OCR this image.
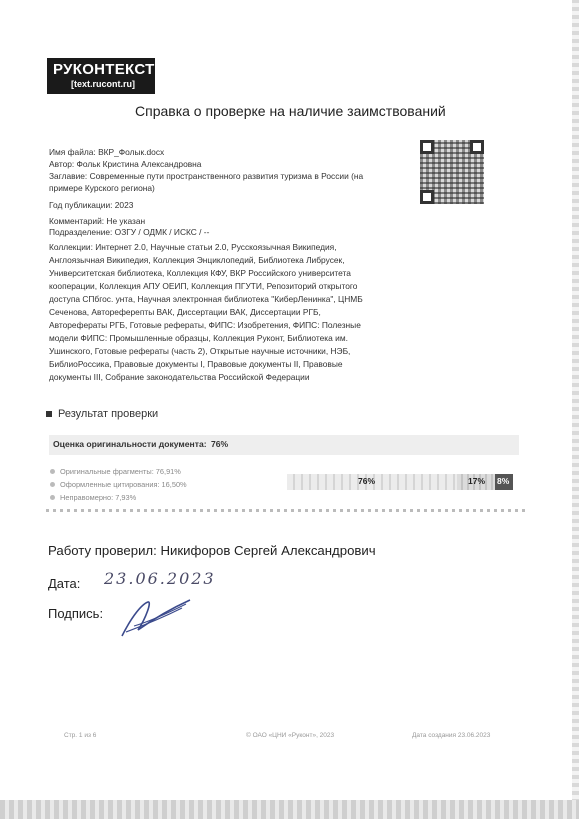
РУКОНТЕКСТ
[text.rucont.ru]
Справка о проверке на наличие заимствований
Имя файла: ВКР_Фолык.docx
Автор: Фольк Кристина Александровна
Заглавие: Современные пути пространственного развития туризма в России (на
примере Курского региона)
Год публикации: 2023
Комментарий: Не указан
Подразделение: ОЗГУ / ОДМК / ИСКС / --
Коллекции: Интернет 2.0, Научные статьи 2.0, Русскоязычная Википедия,
Англоязычная Википедия, Коллекция Энциклопедий, Библиотека Либрусек,
Университетская библиотека, Коллекция КФУ, ВКР Российского университета
кооперации, Коллекция АПУ ОЕИП, Коллекция ПГУТИ, Репозиторий открытого
доступа СПбгос. унта, Научная электронная библиотека "КиберЛенинка", ЦНМБ
Сеченова, Автореферепты ВАК, Диссертации ВАК, Диссертации РГБ,
Авторефераты РГБ, Готовые рефераты, ФИПС: Изобретения, ФИПС: Полезные
модели ФИПС: Промышленные образцы, Коллекция Руконт, Библиотека им.
Ушинского, Готовые рефераты (часть 2), Открытые научные источники, НЭБ,
БиблиоРоссика, Правовые документы I, Правовые документы II, Правовые
документы III, Собрание законодательства Российской Федерации
Результат проверки
Оценка оригинальности документа: 76%
Оригинальные фрагменты: 76,91%
Оформленные цитирования: 16,50%
Неправомерно: 7,93%
76%	17% 8%
Работу проверил: Никифоров Сергей Александрович
Дата: 23.06.2023
Подпись:
Стр. 1 из 6	© ОАО «ЦНИ «Руконт», 2023	Дата создания 23.06.2023
